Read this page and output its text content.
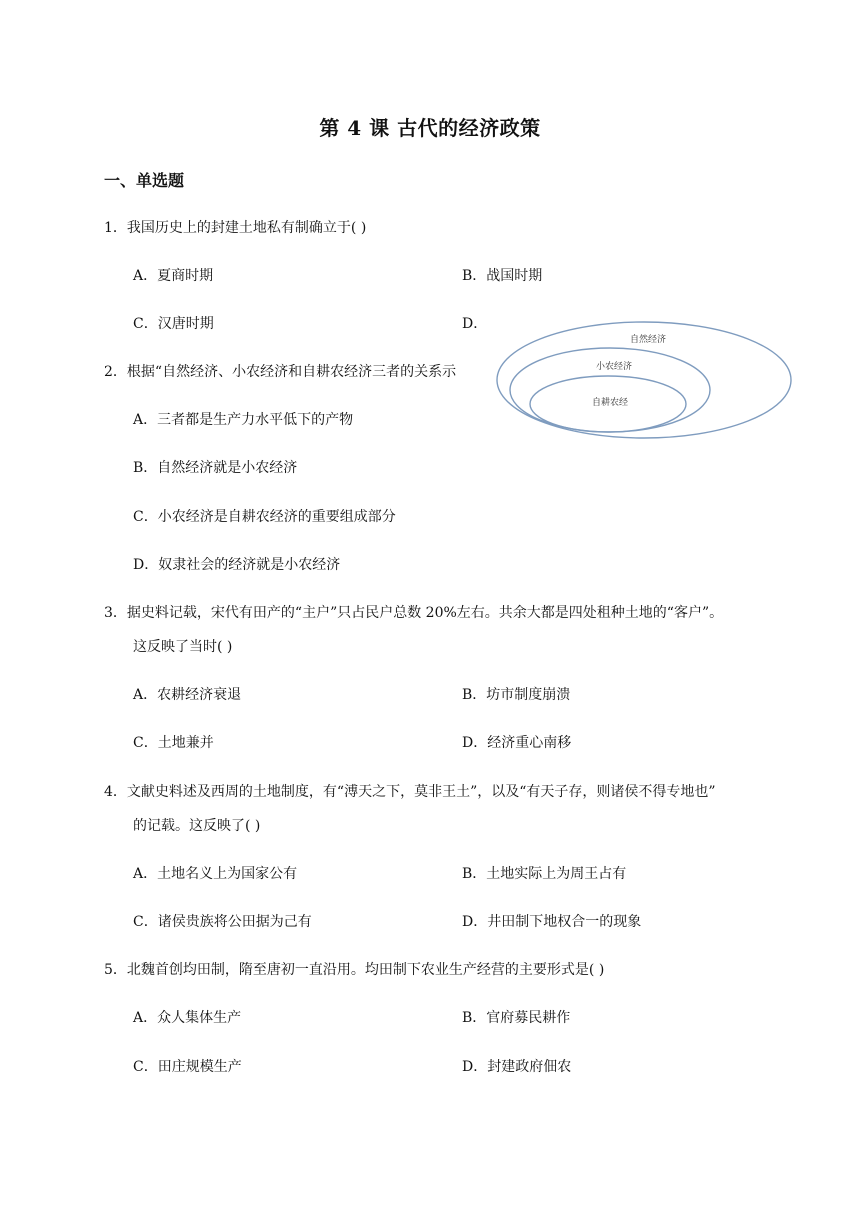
第 4 课 古代的经济政策
一、单选题
1．我国历史上的封建土地私有制确立于( )
A．夏商时期	B．战国时期
C．汉唐时期	D．
2．根据“自然经济、小农经济和自耕农经济三者的关系示
A．三者都是生产力水平低下的产物
B．自然经济就是小农经济
C．小农经济是自耕农经济的重要组成部分
D．奴隶社会的经济就是小农经济
自然经济
小农经济
自耕农经
3．据史料记载，宋代有田产的“主户”只占民户总数 20%左右。共余大都是四处租种土地的“客户”。
这反映了当时( )
A．农耕经济衰退	B．坊市制度崩溃
C．土地兼并	D．经济重心南移
4．文献史料述及西周的土地制度，有“溥天之下，莫非王土”，以及“有天子存，则诸侯不得专地也”
的记载。这反映了( )
A．土地名义上为国家公有	B．土地实际上为周王占有
C．诸侯贵族将公田据为己有	D．井田制下地权合一的现象
5．北魏首创均田制，隋至唐初一直沿用。均田制下农业生产经营的主要形式是( )
A．众人集体生产	B．官府募民耕作
C．田庄规模生产	D．封建政府佃农
